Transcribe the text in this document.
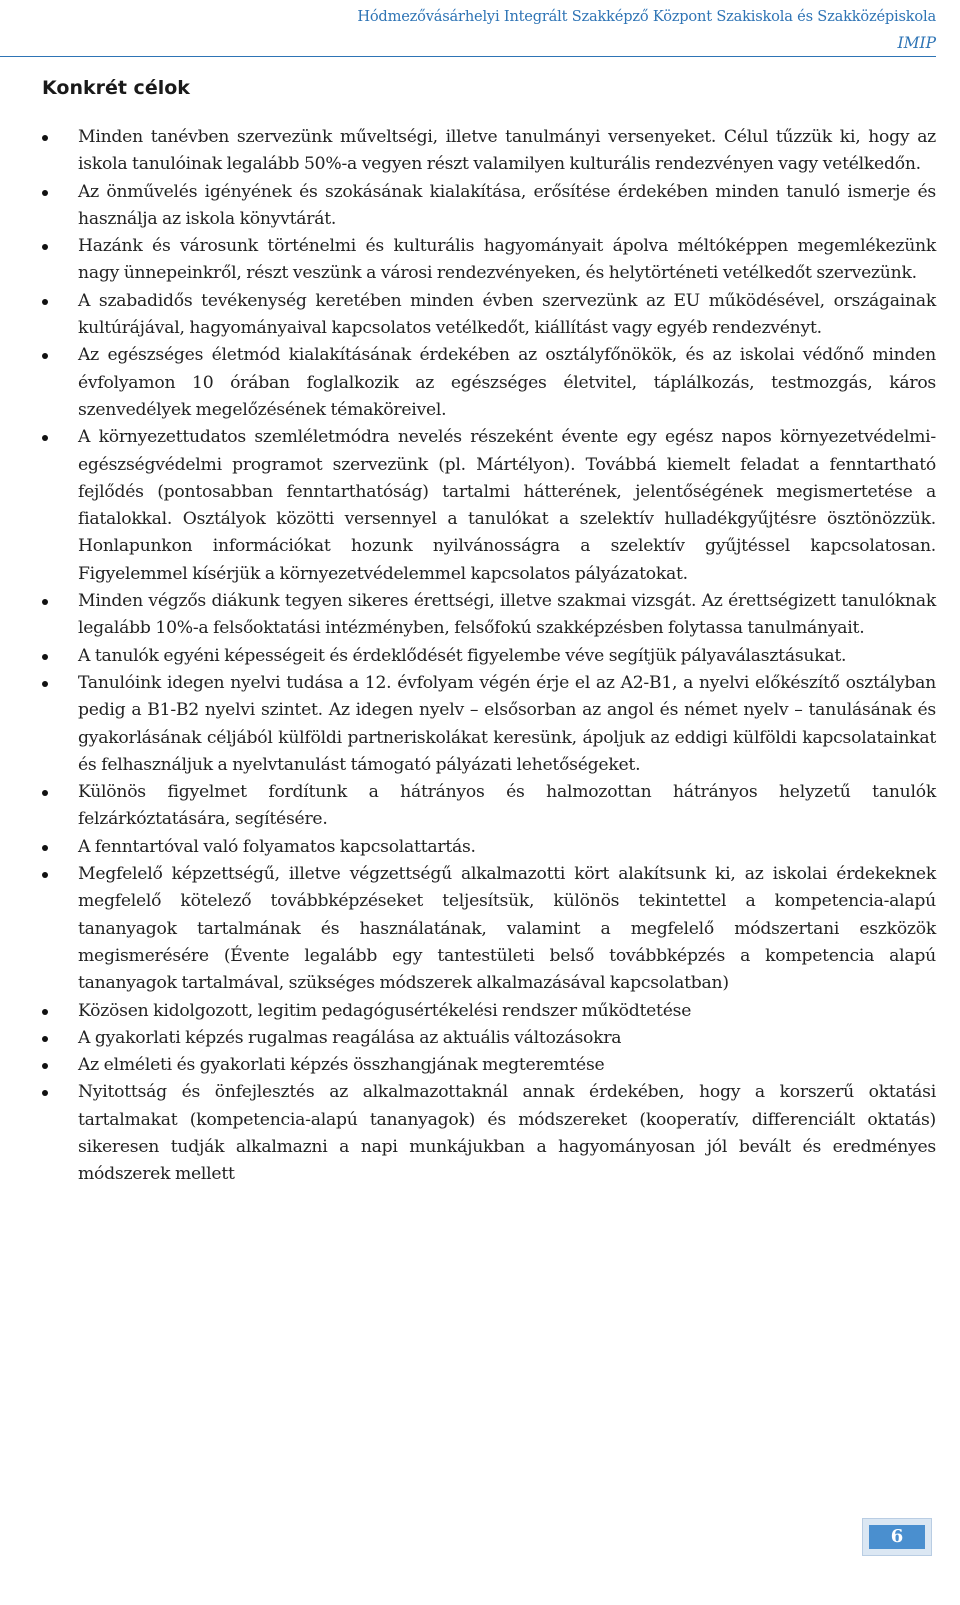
Hódmezővásárhelyi Integrált Szakképző Központ Szakiskola és Szakközépiskola
IMIP
Konkrét célok
Minden tanévben szervezünk műveltségi, illetve tanulmányi versenyeket. Célul tűzzük ki, hogy az iskola tanulóinak legalább 50%-a vegyen részt valamilyen kulturális rendezvényen vagy vetélkedőn.
Az önművelés igényének és szokásának kialakítása, erősítése érdekében minden tanuló ismerje és használja az iskola könyvtárát.
Hazánk és városunk történelmi és kulturális hagyományait ápolva méltóképpen megemlékezünk nagy ünnepeinkről, részt veszünk a városi rendezvényeken, és helytörténeti vetélkedőt szervezünk.
A szabadidős tevékenység keretében minden évben szervezünk az EU működésével, országainak kultúrájával, hagyományaival kapcsolatos vetélkedőt, kiállítást vagy egyéb rendezvényt.
Az egészséges életmód kialakításának érdekében az osztályfőnökök, és az iskolai védőnő minden évfolyamon 10 órában foglalkozik az egészséges életvitel, táplálkozás, testmozgás, káros szenvedélyek megelőzésének témaköreivel.
A környezettudatos szemléletmódra nevelés részeként évente egy egész napos környezetvédelmi-egészségvédelmi programot szervezünk (pl. Mártélyon). Továbbá kiemelt feladat a fenntartható fejlődés (pontosabban fenntarthatóság) tartalmi hátterének, jelentőségének megismertetése a fiatalokkal. Osztályok közötti versennyel a tanulókat a szelektív hulladékgyűjtésre ösztönözzük. Honlapunkon információkat hozunk nyilvánosságra a szelektív gyűjtéssel kapcsolatosan. Figyelemmel kísérjük a környezetvédelemmel kapcsolatos pályázatokat.
Minden végzős diákunk tegyen sikeres érettségi, illetve szakmai vizsgát. Az érettségizett tanulóknak legalább 10%-a felsőoktatási intézményben, felsőfokú szakképzésben folytassa tanulmányait.
A tanulók egyéni képességeit és érdeklődését figyelembe véve segítjük pályaválasztásukat.
Tanulóink idegen nyelvi tudása a 12. évfolyam végén érje el az A2-B1, a nyelvi előkészítő osztályban pedig a B1-B2 nyelvi szintet. Az idegen nyelv – elsősorban az angol és német nyelv – tanulásának és gyakorlásának céljából külföldi partneriskolákat keresünk, ápoljuk az eddigi külföldi kapcsolatainkat és felhasználjuk a nyelvtanulást támogató pályázati lehetőségeket.
Különös figyelmet fordítunk a hátrányos és halmozottan hátrányos helyzetű tanulók felzárkóztatására, segítésére.
A fenntartóval való folyamatos kapcsolattartás.
Megfelelő képzettségű, illetve végzettségű alkalmazotti kört alakítsunk ki, az iskolai érdekeknek megfelelő kötelező továbbképzéseket teljesítsük, különös tekintettel a kompetencia-alapú tananyagok tartalmának és használatának, valamint a megfelelő módszertani eszközök megismerésére (Évente legalább egy tantestületi belső továbbképzés a kompetencia alapú tananyagok tartalmával, szükséges módszerek alkalmazásával kapcsolatban)
Közösen kidolgozott, legitim pedagógusértékelési rendszer működtetése
A gyakorlati képzés rugalmas reagálása az aktuális változásokra
Az elméleti és gyakorlati képzés összhangjának megteremtése
Nyitottság és önfejlesztés az alkalmazottaknál annak érdekében, hogy a korszerű oktatási tartalmakat (kompetencia-alapú tananyagok) és módszereket (kooperatív, differenciált oktatás) sikeresen tudják alkalmazni a napi munkájukban a hagyományosan jól bevált és eredményes módszerek mellett
6
